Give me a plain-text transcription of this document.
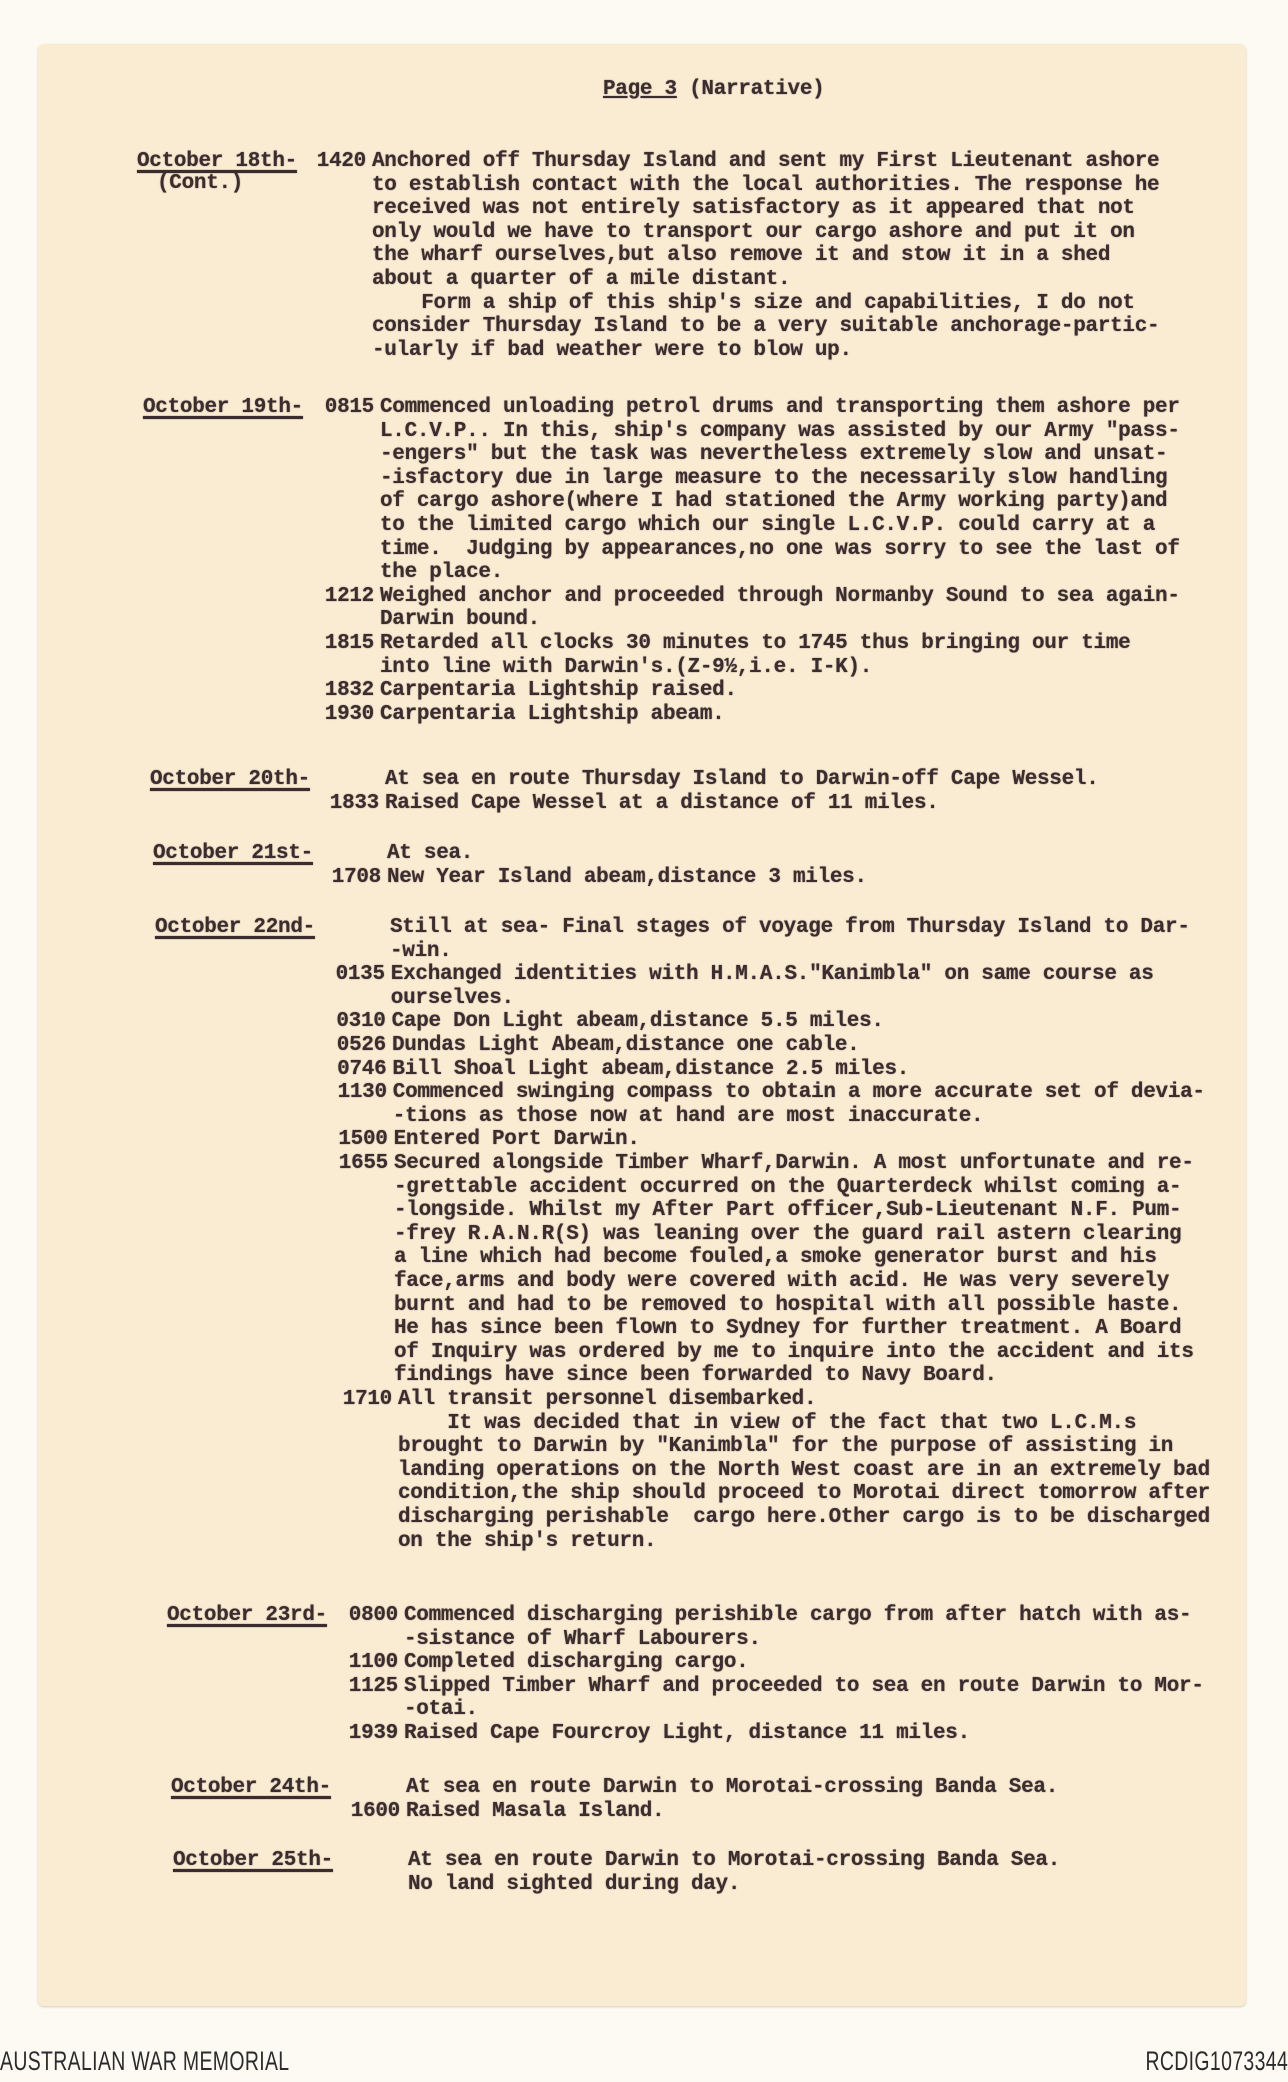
Page 3 (Narrative)
October 18th-
(Cont.)
1420 Anchored off Thursday Island and sent my First Lieutenant ashore
to establish contact with the local authorities. The response he
received was not entirely satisfactory as it appeared that not
only would we have to transport our cargo ashore and put it on
the wharf ourselves,but also remove it and stow it in a shed
about a quarter of a mile distant.
Form a ship of this ship's size and capabilities, I do not
consider Thursday Island to be a very suitable anchorage-partic-
-ularly if bad weather were to blow up.
October 19th-	0815 Commenced unloading petrol drums and transporting them ashore per
L.C.V.P.. In this, ship's company was assisted by our Army "pass-
-engers" but the task was nevertheless extremely slow and unsat-
-isfactory due in large measure to the necessarily slow handling
of cargo ashore(where I had stationed the Army working party)and
to the limited cargo which our single L.C.V.P. could carry at a
time.  Judging by appearances,no one was sorry to see the last of
the place.
1212 Weighed anchor and proceeded through Normanby Sound to sea again-
Darwin bound.
1815 Retarded all clocks 30 minutes to 1745 thus bringing our time
into line with Darwin's.(Z-9½,i.e. I-K).
1832 Carpentaria Lightship raised.
1930 Carpentaria Lightship abeam.
October 20th-	At sea en route Thursday Island to Darwin-off Cape Wessel.
1833 Raised Cape Wessel at a distance of 11 miles.
October 21st-	At sea.
1708 New Year Island abeam,distance 3 miles.
October 22nd-	Still at sea- Final stages of voyage from Thursday Island to Dar-
-win.
0135 Exchanged identities with H.M.A.S."Kanimbla" on same course as
ourselves.
0310 Cape Don Light abeam,distance 5.5 miles.
0526 Dundas Light Abeam,distance one cable.
0746 Bill Shoal Light abeam,distance 2.5 miles.
1130 Commenced swinging compass to obtain a more accurate set of devia-
-tions as those now at hand are most inaccurate.
1500 Entered Port Darwin.
1655 Secured alongside Timber Wharf,Darwin. A most unfortunate and re-
-grettable accident occurred on the Quarterdeck whilst coming a-
-longside. Whilst my After Part officer,Sub-Lieutenant N.F. Pum-
-frey R.A.N.R(S) was leaning over the guard rail astern clearing
a line which had become fouled,a smoke generator burst and his
face,arms and body were covered with acid. He was very severely
burnt and had to be removed to hospital with all possible haste.
He has since been flown to Sydney for further treatment. A Board
of Inquiry was ordered by me to inquire into the accident and its
findings have since been forwarded to Navy Board.
1710 All transit personnel disembarked.
It was decided that in view of the fact that two L.C.M.s
brought to Darwin by "Kanimbla" for the purpose of assisting in
landing operations on the North West coast are in an extremely bad
condition,the ship should proceed to Morotai direct tomorrow after
discharging perishable  cargo here.Other cargo is to be discharged
on the ship's return.
October 23rd-	0800 Commenced discharging perishible cargo from after hatch with as-
-sistance of Wharf Labourers.
1100 Completed discharging cargo.
1125 Slipped Timber Wharf and proceeded to sea en route Darwin to Mor-
-otai.
1939 Raised Cape Fourcroy Light, distance 11 miles.
October 24th-	At sea en route Darwin to Morotai-crossing Banda Sea.
1600 Raised Masala Island.
October 25th-	At sea en route Darwin to Morotai-crossing Banda Sea.
No land sighted during day.
AUSTRALIAN WAR MEMORIAL	RCDIG1073344
